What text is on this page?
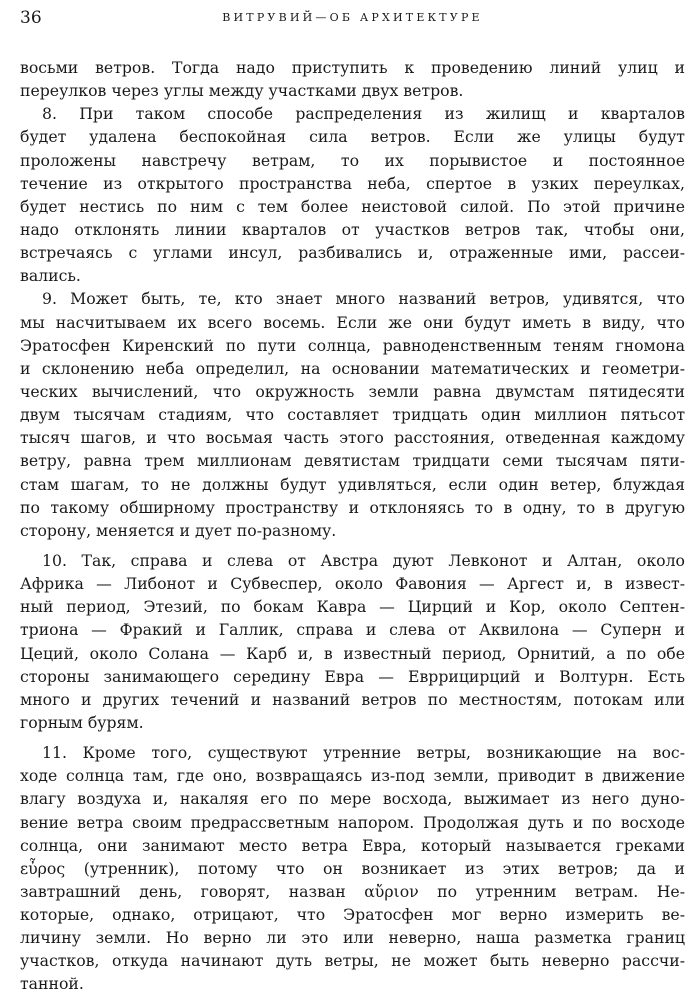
36	ВИТРУВИЙ—ОБ АРХИТЕКТУРЕ
восьми ветров. Тогда надо приступить к проведению линий улиц и
переулков через углы между участками двух ветров.
8. При таком способе распределения из жилищ и кварталов
будет удалена беспокойная сила ветров. Если же улицы будут
проложены навстречу ветрам, то их порывистое и постоянное
течение из открытого пространства неба, спертое в узких переулках,
будет нестись по ним с тем более неистовой силой. По этой причине
надо отклонять линии кварталов от участков ветров так, чтобы они,
встречаясь с углами инсул, разбивались и, отраженные ими, рассеи-
вались.
9. Может быть, те, кто знает много названий ветров, удивятся, что
мы насчитываем их всего восемь. Если же они будут иметь в виду, что
Эратосфен Киренский по пути солнца, равноденственным теням гномона
и склонению неба определил, на основании математических и геометри-
ческих вычислений, что окружность земли равна двумстам пятидесяти
двум тысячам стадиям, что составляет тридцать один миллион пятьсот
тысяч шагов, и что восьмая часть этого расстояния, отведенная каждому
ветру, равна трем миллионам девятистам тридцати семи тысячам пяти-
стам шагам, то не должны будут удивляться, если один ветер, блуждая
по такому обширному пространству и отклоняясь то в одну, то в другую
сторону, меняется и дует по-разному.
10. Так, справа и слева от Австра дуют Левконот и Алтан, около
Африка — Либонот и Субвеспер, около Фавония — Аргест и, в извест-
ный период, Этезий, по бокам Кавра — Цирций и Кор, около Септен-
триона — Фракий и Галлик, справа и слева от Аквилона — Суперн и
Цеций, около Солана — Карб и, в известный период, Орнитий, а по обе
стороны занимающего середину Евра — Евррицирций и Волтурн. Есть
много и других течений и названий ветров по местностям, потокам или
горным бурям.
11. Кроме того, существуют утренние ветры, возникающие на вос-
ходе солнца там, где оно, возвращаясь из-под земли, приводит в движение
влагу воздуха и, накаляя его по мере восхода, выжимает из него дуно-
вение ветра своим предрассветным напором. Продолжая дуть и по восходе
солнца, они занимают место ветра Евра, который называется греками
εὖρος (утренник), потому что он возникает из этих ветров; да и
завтрашний день, говорят, назван αὔριον по утренним ветрам. Не-
которые, однако, отрицают, что Эратосфен мог верно измерить ве-
личину земли. Но верно ли это или неверно, наша разметка границ
участков, откуда начинают дуть ветры, не может быть неверно рассчи-
танной.
